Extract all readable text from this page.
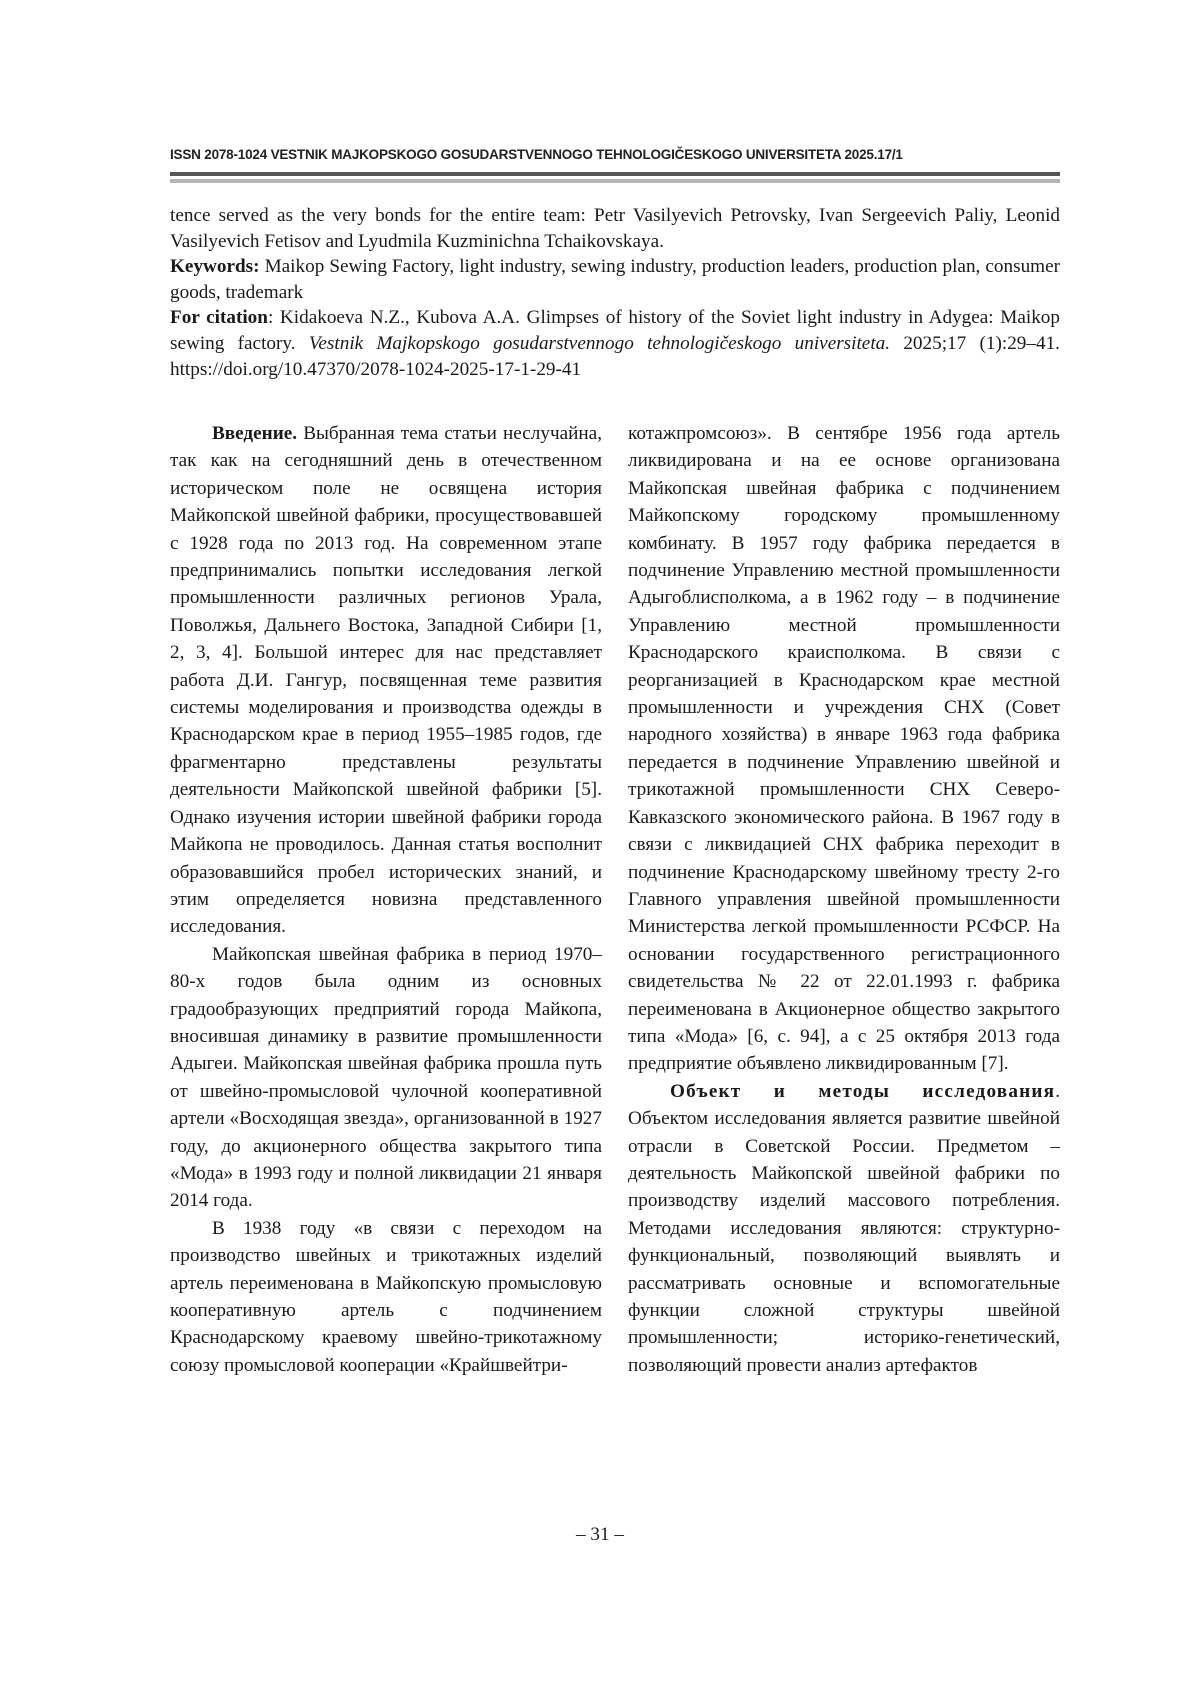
ISSN 2078-1024 VESTNIK MAJKOPSKOGO GOSUDARSTVENNOGO TEHNOLOGIČESKOGO UNIVERSITETA 2025.17/1

tence served as the very bonds for the entire team: Petr Vasilyevich Petrovsky, Ivan Sergeevich Paliy, Leonid Vasilyevich Fetisov and Lyudmila Kuzminichna Tchaikovskaya.

Keywords: Maikop Sewing Factory, light industry, sewing industry, production leaders, production plan, consumer goods, trademark

For citation: Kidakoeva N.Z., Kubova A.A. Glimpses of history of the Soviet light industry in Adygea: Maikop sewing factory. Vestnik Majkopskogo gosudarstvennogo tehnologičeskogo universiteta. 2025;17 (1):29–41. https://doi.org/10.47370/2078-1024-2025-17-1-29-41

Введение. Выбранная тема статьи неслучайна, так как на сегодняшний день в отечественном историческом поле не освящена история Майкопской швейной фабрики, просуществовавшей с 1928 года по 2013 год. На современном этапе предпринимались попытки исследования легкой промышленности различных регионов Урала, Поволжья, Дальнего Востока, Западной Сибири [1, 2, 3, 4]. Большой интерес для нас представляет работа Д.И. Гангур, посвященная теме развития системы моделирования и производства одежды в Краснодарском крае в период 1955–1985 годов, где фрагментарно представлены результаты деятельности Майкопской швейной фабрики [5]. Однако изучения истории швейной фабрики города Майкопа не проводилось. Данная статья восполнит образовавшийся пробел исторических знаний, и этим определяется новизна представленного исследования.

Майкопская швейная фабрика в период 1970–80-х годов была одним из основных градообразующих предприятий города Майкопа, вносившая динамику в развитие промышленности Адыгеи. Майкопская швейная фабрика прошла путь от швейно-промысловой чулочной кооперативной артели «Восходящая звезда», организованной в 1927 году, до акционерного общества закрытого типа «Мода» в 1993 году и полной ликвидации 21 января 2014 года.

В 1938 году «в связи с переходом на производство швейных и трикотажных изделий артель переименована в Майкопскую промысловую кооперативную артель с подчинением Краснодарскому краевому швейно-трикотажному союзу промысловой кооперации «Крайшвейтри-

котажпромсоюз». В сентябре 1956 года артель ликвидирована и на ее основе организована Майкопская швейная фабрика с подчинением Майкопскому городскому промышленному комбинату. В 1957 году фабрика передается в подчинение Управлению местной промышленности Адыгоблисполкома, а в 1962 году – в подчинение Управлению местной промышленности Краснодарского краисполкома. В связи с реорганизацией в Краснодарском крае местной промышленности и учреждения СНХ (Совет народного хозяйства) в январе 1963 года фабрика передается в подчинение Управлению швейной и трикотажной промышленности СНХ Северо-Кавказского экономического района. В 1967 году в связи с ликвидацией СНХ фабрика переходит в подчинение Краснодарскому швейному тресту 2-го Главного управления швейной промышленности Министерства легкой промышленности РСФСР. На основании государственного регистрационного свидетельства № 22 от 22.01.1993 г. фабрика переименована в Акционерное общество закрытого типа «Мода» [6, с. 94], а с 25 октября 2013 года предприятие объявлено ликвидированным [7].

Объект и методы исследования. Объектом исследования является развитие швейной отрасли в Советской России. Предметом – деятельность Майкопской швейной фабрики по производству изделий массового потребления. Методами исследования являются: структурно-функциональный, позволяющий выявлять и рассматривать основные и вспомогательные функции сложной структуры швейной промышленности; историко-генетический, позволяющий провести анализ артефактов

– 31 –
